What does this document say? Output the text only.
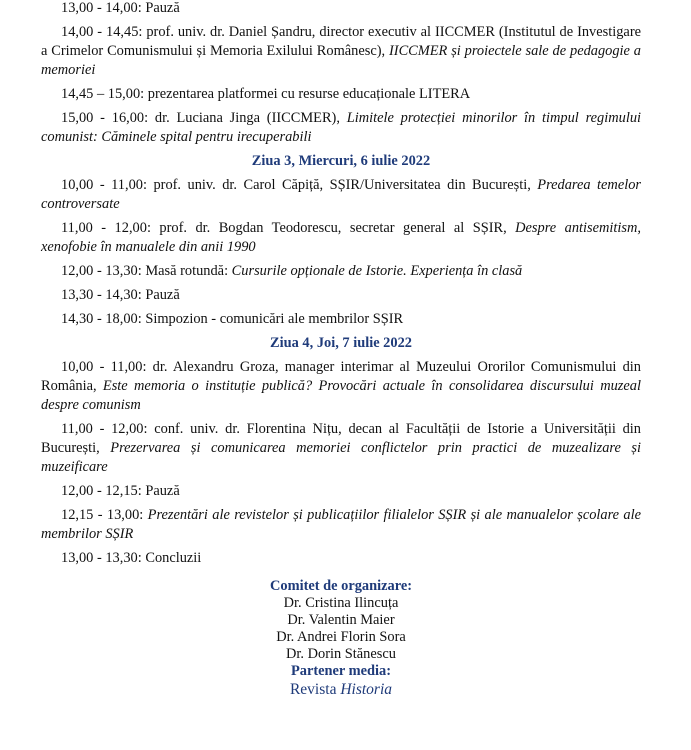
13,00 - 14,00: Pauză

14,00 - 14,45: prof. univ. dr. Daniel Șandru, director executiv al IICCMER (Institutul de Investigare a Crimelor Comunismului și Memoria Exilului Românesc), IICCMER și proiectele sale de pedagogie a memoriei

14,45 – 15,00: prezentarea platformei cu resurse educaționale LITERA

15,00 - 16,00: dr. Luciana Jinga (IICCMER), Limitele protecției minorilor în timpul regimului comunist: Căminele spital pentru irecuperabili

Ziua 3, Miercuri, 6 iulie 2022

10,00 - 11,00: prof. univ. dr. Carol Căpiță, SȘIR/Universitatea din București, Predarea temelor controversate

11,00 - 12,00: prof. dr. Bogdan Teodorescu, secretar general al SȘIR, Despre antisemitism, xenofobie în manualele din anii 1990

12,00 - 13,30: Masă rotundă: Cursurile opționale de Istorie. Experiența în clasă

13,30 - 14,30: Pauză

14,30 - 18,00: Simpozion - comunicări ale membrilor SȘIR

Ziua 4, Joi, 7 iulie 2022

10,00 - 11,00: dr. Alexandru Groza, manager interimar al Muzeului Ororilor Comunismului din România, Este memoria o instituție publică? Provocări actuale în consolidarea discursului muzeal despre comunism

11,00 - 12,00: conf. univ. dr. Florentina Nițu, decan al Facultății de Istorie a Universității din București, Prezervarea și comunicarea memoriei conflictelor prin practici de muzealizare și muzeificare

12,00 - 12,15: Pauză

12,15 - 13,00: Prezentări ale revistelor și publicațiilor filialelor SȘIR și ale manualelor școlare ale membrilor SȘIR

13,00 - 13,30: Concluzii

Comitet de organizare:
Dr. Cristina Ilincuța
Dr. Valentin Maier
Dr. Andrei Florin Sora
Dr. Dorin Stănescu
Partener media:
Revista Historia
